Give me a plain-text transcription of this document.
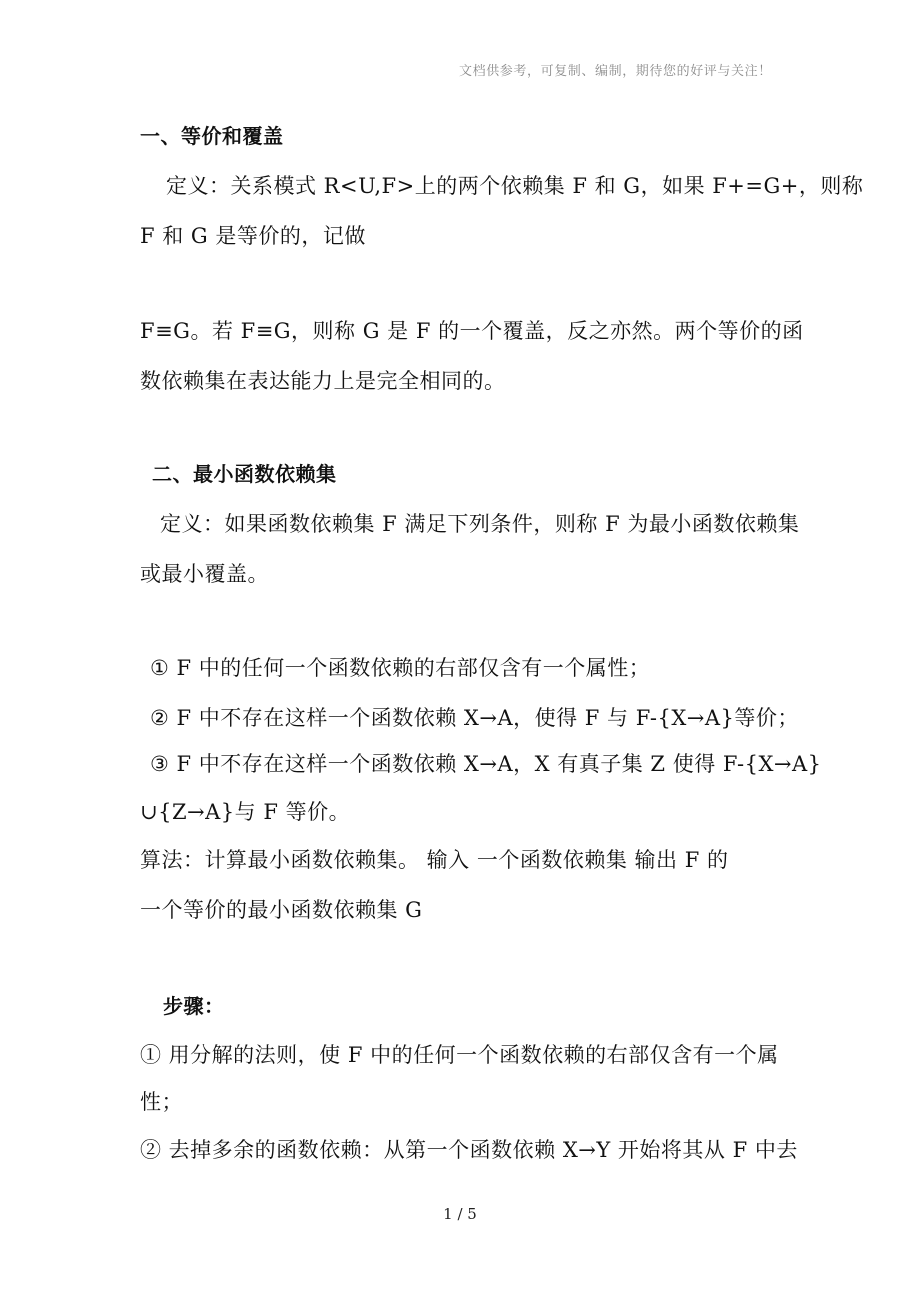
文档供参考，可复制、编制，期待您的好评与关注！
一、等价和覆盖
定义：关系模式 R<U,F>上的两个依赖集 F 和 G，如果 F+=G+，则称
F 和 G 是等价的，记做
F≡G。若 F≡G，则称 G 是 F 的一个覆盖，反之亦然。两个等价的函
数依赖集在表达能力上是完全相同的。
二、最小函数依赖集
定义：如果函数依赖集 F 满足下列条件，则称 F 为最小函数依赖集
或最小覆盖。
① F 中的任何一个函数依赖的右部仅含有一个属性；
② F 中不存在这样一个函数依赖 X→A，使得 F 与 F-{X→A}等价；
③ F 中不存在这样一个函数依赖 X→A，X 有真子集 Z 使得 F-{X→A}
∪{Z→A}与 F 等价。
算法：计算最小函数依赖集。 输入 一个函数依赖集 输出 F 的
一个等价的最小函数依赖集 G
步骤：
① 用分解的法则，使 F 中的任何一个函数依赖的右部仅含有一个属
性；
② 去掉多余的函数依赖：从第一个函数依赖 X→Y 开始将其从 F 中去
1 / 5
